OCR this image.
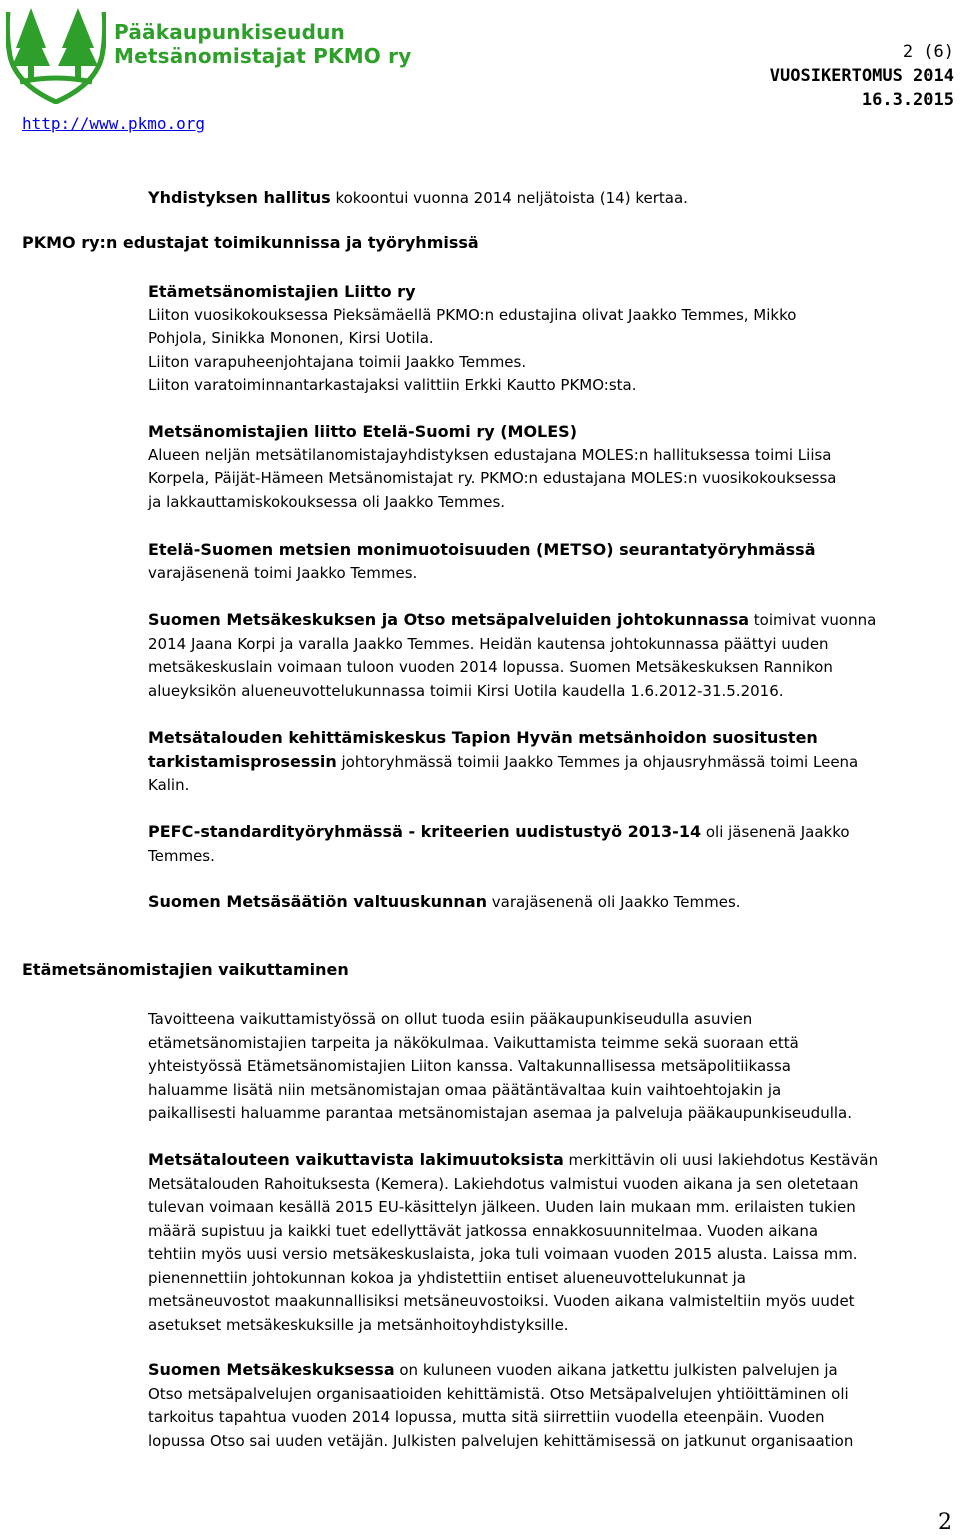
Pääkaupunkiseudun
Metsänomistajat PKMO ry
http://www.pkmo.org
2 (6)
VUOSIKERTOMUS 2014
16.3.2015
Yhdistyksen hallitus kokoontui vuonna 2014 neljätoista (14) kertaa.
PKMO ry:n edustajat toimikunnissa ja työryhmissä
Etämetsänomistajien Liitto ry
Liiton vuosikokouksessa Pieksämäellä PKMO:n edustajina olivat Jaakko Temmes, Mikko
Pohjola, Sinikka Mononen, Kirsi Uotila.
Liiton varapuheenjohtajana toimii Jaakko Temmes.
Liiton varatoiminnantarkastajaksi valittiin Erkki Kautto PKMO:sta.
Metsänomistajien liitto Etelä-Suomi ry (MOLES)
Alueen neljän metsätilanomistajayhdistyksen edustajana MOLES:n hallituksessa toimi Liisa
Korpela, Päijät-Hämeen Metsänomistajat ry. PKMO:n edustajana MOLES:n vuosikokouksessa
ja lakkauttamiskokouksessa oli Jaakko Temmes.
Etelä-Suomen metsien monimuotoisuuden (METSO) seurantatyöryhmässä
varajäsenenä toimi Jaakko Temmes.
Suomen Metsäkeskuksen ja Otso metsäpalveluiden johtokunnassa toimivat vuonna
2014 Jaana Korpi ja varalla Jaakko Temmes. Heidän kautensa johtokunnassa päättyi uuden
metsäkeskuslain voimaan tuloon vuoden 2014 lopussa. Suomen Metsäkeskuksen Rannikon
alueyksikön alueneuvottelukunnassa toimii Kirsi Uotila kaudella 1.6.2012-31.5.2016.
Metsätalouden kehittämiskeskus Tapion Hyvän metsänhoidon suositusten
tarkistamisprosessin johtoryhmässä toimii Jaakko Temmes ja ohjausryhmässä toimi Leena
Kalin.
PEFC-standardityöryhmässä - kriteerien uudistustyö 2013-14 oli jäsenenä Jaakko
Temmes.
Suomen Metsäsäätiön valtuuskunnan varajäsenenä oli Jaakko Temmes.
Etämetsänomistajien vaikuttaminen
Tavoitteena vaikuttamistyössä on ollut tuoda esiin pääkaupunkiseudulla asuvien
etämetsänomistajien tarpeita ja näkökulmaa. Vaikuttamista teimme sekä suoraan että
yhteistyössä Etämetsänomistajien Liiton kanssa. Valtakunnallisessa metsäpolitiikassa
haluamme lisätä niin metsänomistajan omaa päätäntävaltaa kuin vaihtoehtojakin ja
paikallisesti haluamme parantaa metsänomistajan asemaa ja palveluja pääkaupunkiseudulla.
Metsätalouteen vaikuttavista lakimuutoksista merkittävin oli uusi lakiehdotus Kestävän
Metsätalouden Rahoituksesta (Kemera). Lakiehdotus valmistui vuoden aikana ja sen oletetaan
tulevan voimaan kesällä 2015 EU-käsittelyn jälkeen. Uuden lain mukaan mm. erilaisten tukien
määrä supistuu ja kaikki tuet edellyttävät jatkossa ennakkosuunnitelmaa. Vuoden aikana
tehtiin myös uusi versio metsäkeskuslaista, joka tuli voimaan vuoden 2015 alusta. Laissa mm.
pienennettiin johtokunnan kokoa ja yhdistettiin entiset alueneuvottelukunnat ja
metsäneuvostot maakunnallisiksi metsäneuvostoiksi. Vuoden aikana valmisteltiin myös uudet
asetukset metsäkeskuksille ja metsänhoitoyhdistyksille.
Suomen Metsäkeskuksessa on kuluneen vuoden aikana jatkettu julkisten palvelujen ja
Otso metsäpalvelujen organisaatioiden kehittämistä. Otso Metsäpalvelujen yhtiöittäminen oli
tarkoitus tapahtua vuoden 2014 lopussa, mutta sitä siirrettiin vuodella eteenpäin. Vuoden
lopussa Otso sai uuden vetäjän. Julkisten palvelujen kehittämisessä on jatkunut organisaation
2
